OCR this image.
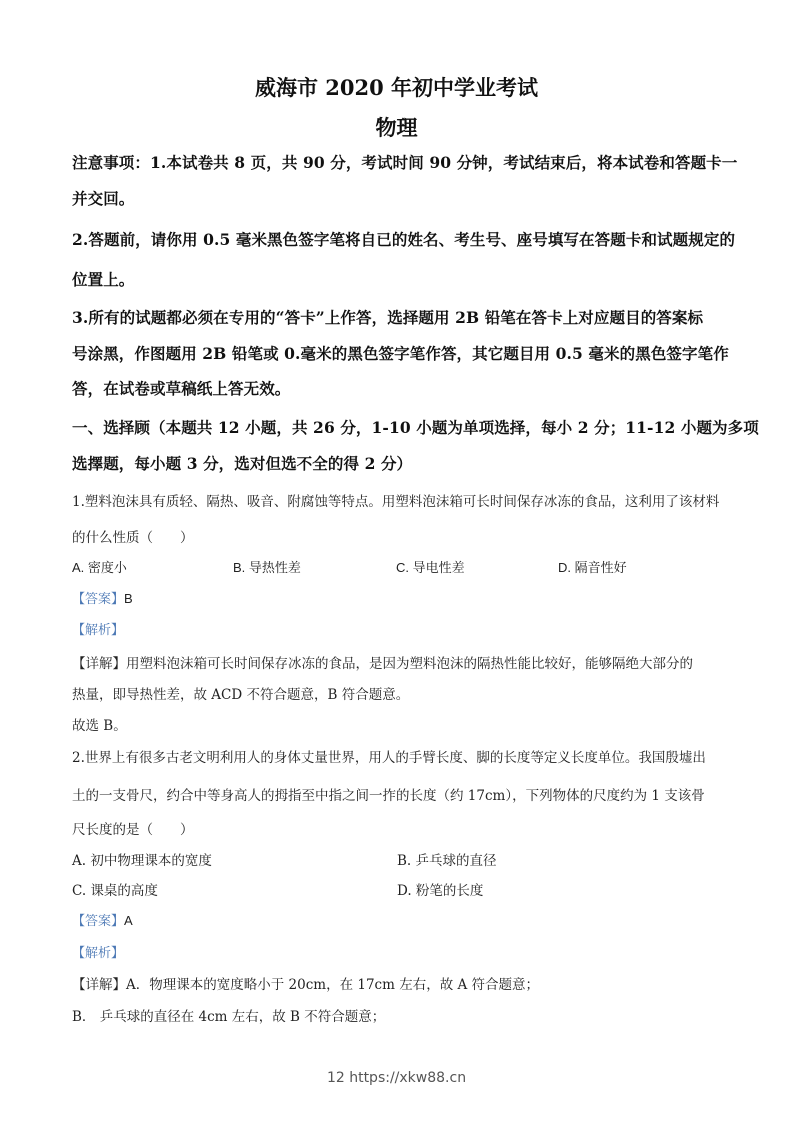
威海市 2020 年初中学业考试
物理
注意事项：1.本试卷共 8 页，共 90 分，考试时间 90 分钟，考试结束后，将本试卷和答题卡一
并交回。
2.答题前，请你用 0.5 毫米黑色签字笔将自已的姓名、考生号、座号填写在答题卡和试题规定的
位置上。
3.所有的试题都必须在专用的“答卡”上作答，选择题用 2B 铅笔在答卡上对应题目的答案标
号涂黑，作图题用 2B 铅笔或 0.毫米的黑色签字笔作答，其它题目用 0.5 毫米的黑色签字笔作
答，在试卷或草稿纸上答无效。
一、选择顾（本题共 12 小题，共 26 分，1-10 小题为单项选择，每小 2 分；11-12 小题为多项
选擇题，每小题 3 分，选对但选不全的得 2 分）
1.塑料泡沫具有质轻、隔热、吸音、附腐蚀等特点。用塑料泡沫箱可长时间保存冰冻的食品，这利用了该材料
的什么性质（　　）
A. 密度小	B. 导热性差	C. 导电性差	D. 隔音性好
【答案】B
【解析】
【详解】用塑料泡沫箱可长时间保存冰冻的食品，是因为塑料泡沫的隔热性能比较好，能够隔绝大部分的
热量，即导热性差，故 ACD 不符合题意，B 符合题意。
故选 B。
2.世界上有很多古老文明利用人的身体丈量世界，用人的手臂长度、脚的长度等定义长度单位。我国殷墟出
土的一支骨尺，约合中等身高人的拇指至中指之间一拃的长度（约 17cm），下列物体的尺度约为 1 支该骨
尺长度的是（　　）
A. 初中物理课本的宽度	B. 乒乓球的直径
C. 课桌的高度	D. 粉笔的长度
【答案】A
【解析】
【详解】A．物理课本的宽度略小于 20cm，在 17cm 左右，故 A 符合题意；
B． 乒乓球的直径在 4cm 左右，故 B 不符合题意；
12 https://xkw88.cn
